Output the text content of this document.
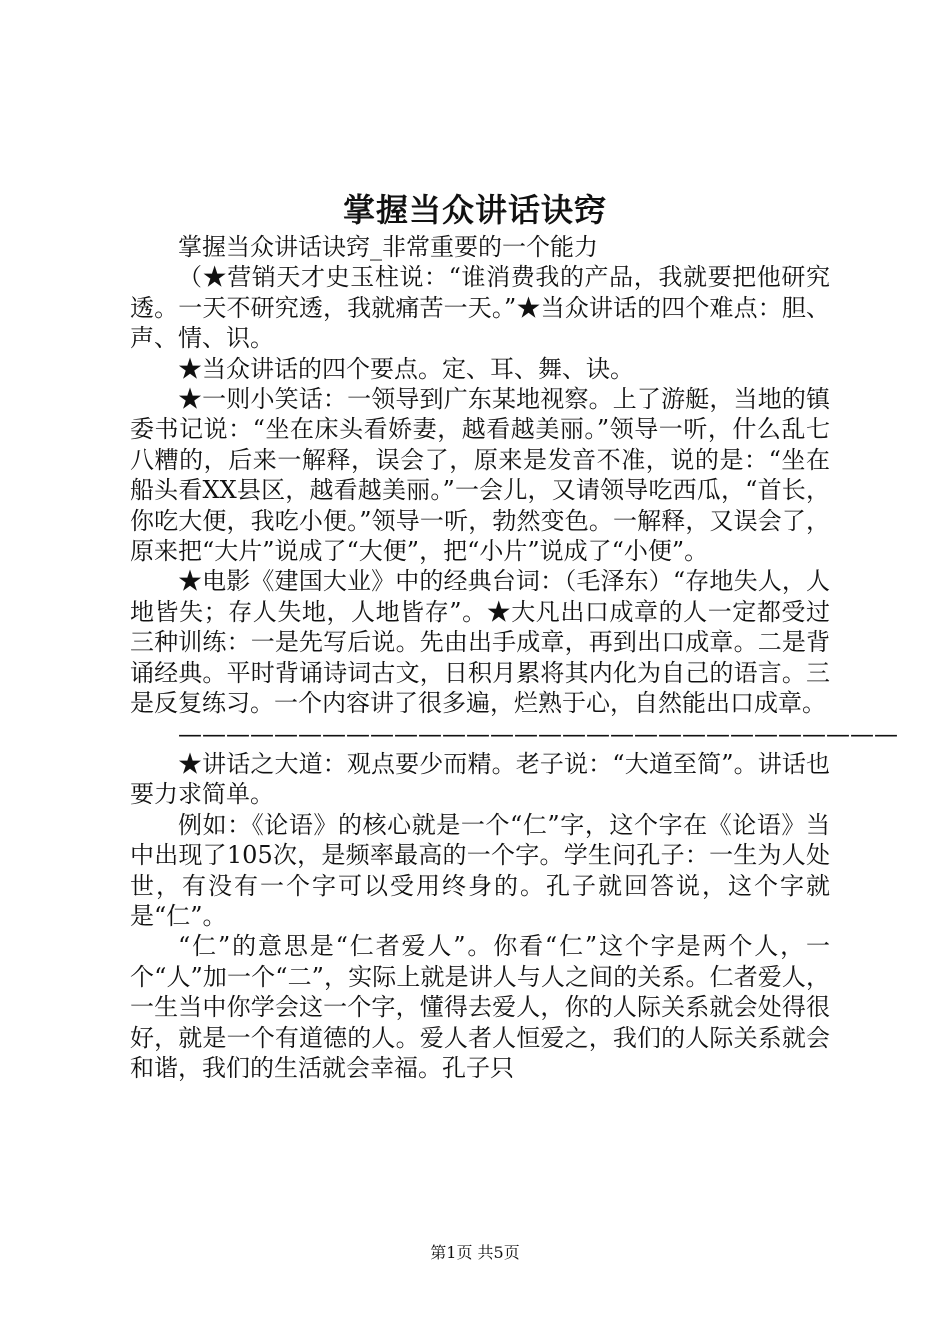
掌握当众讲话诀窍

掌握当众讲话诀窍_非常重要的一个能力

（★营销天才史玉柱说：“谁消费我的产品，我就要把他研究透。一天不研究透，我就痛苦一天。”★当众讲话的四个难点：胆、声、情、识。

★当众讲话的四个要点。定、耳、舞、诀。

★一则小笑话：一领导到广东某地视察。上了游艇，当地的镇委书记说：“坐在床头看娇妻，越看越美丽。”领导一听，什么乱七八糟的，后来一解释，误会了，原来是发音不准，说的是：“坐在船头看XX县区，越看越美丽。”一会儿，又请领导吃西瓜，“首长，你吃大便，我吃小便。”领导一听，勃然变色。一解释，又误会了，原来把“大片”说成了“大便”，把“小片”说成了“小便”。

★电影《建国大业》中的经典台词：（毛泽东）“存地失人，人地皆失；存人失地，人地皆存”。★大凡出口成章的人一定都受过三种训练：一是先写后说。先由出手成章，再到出口成章。二是背诵经典。平时背诵诗词古文，日积月累将其内化为自己的语言。三是反复练习。一个内容讲了很多遍，烂熟于心，自然能出口成章。

——————————————————————————————

★讲话之大道：观点要少而精。老子说：“大道至简”。讲话也要力求简单。

例如：《论语》的核心就是一个“仁”字，这个字在《论语》当中出现了105次，是频率最高的一个字。学生问孔子：一生为人处世，有没有一个字可以受用终身的。孔子就回答说，这个字就是“仁”。

“仁”的意思是“仁者爱人”。你看“仁”这个字是两个人，一个“人”加一个“二”，实际上就是讲人与人之间的关系。仁者爱人，一生当中你学会这一个字，懂得去爱人，你的人际关系就会处得很好，就是一个有道德的人。爱人者人恒爱之，我们的人际关系就会和谐，我们的生活就会幸福。孔子只

第1页 共5页
